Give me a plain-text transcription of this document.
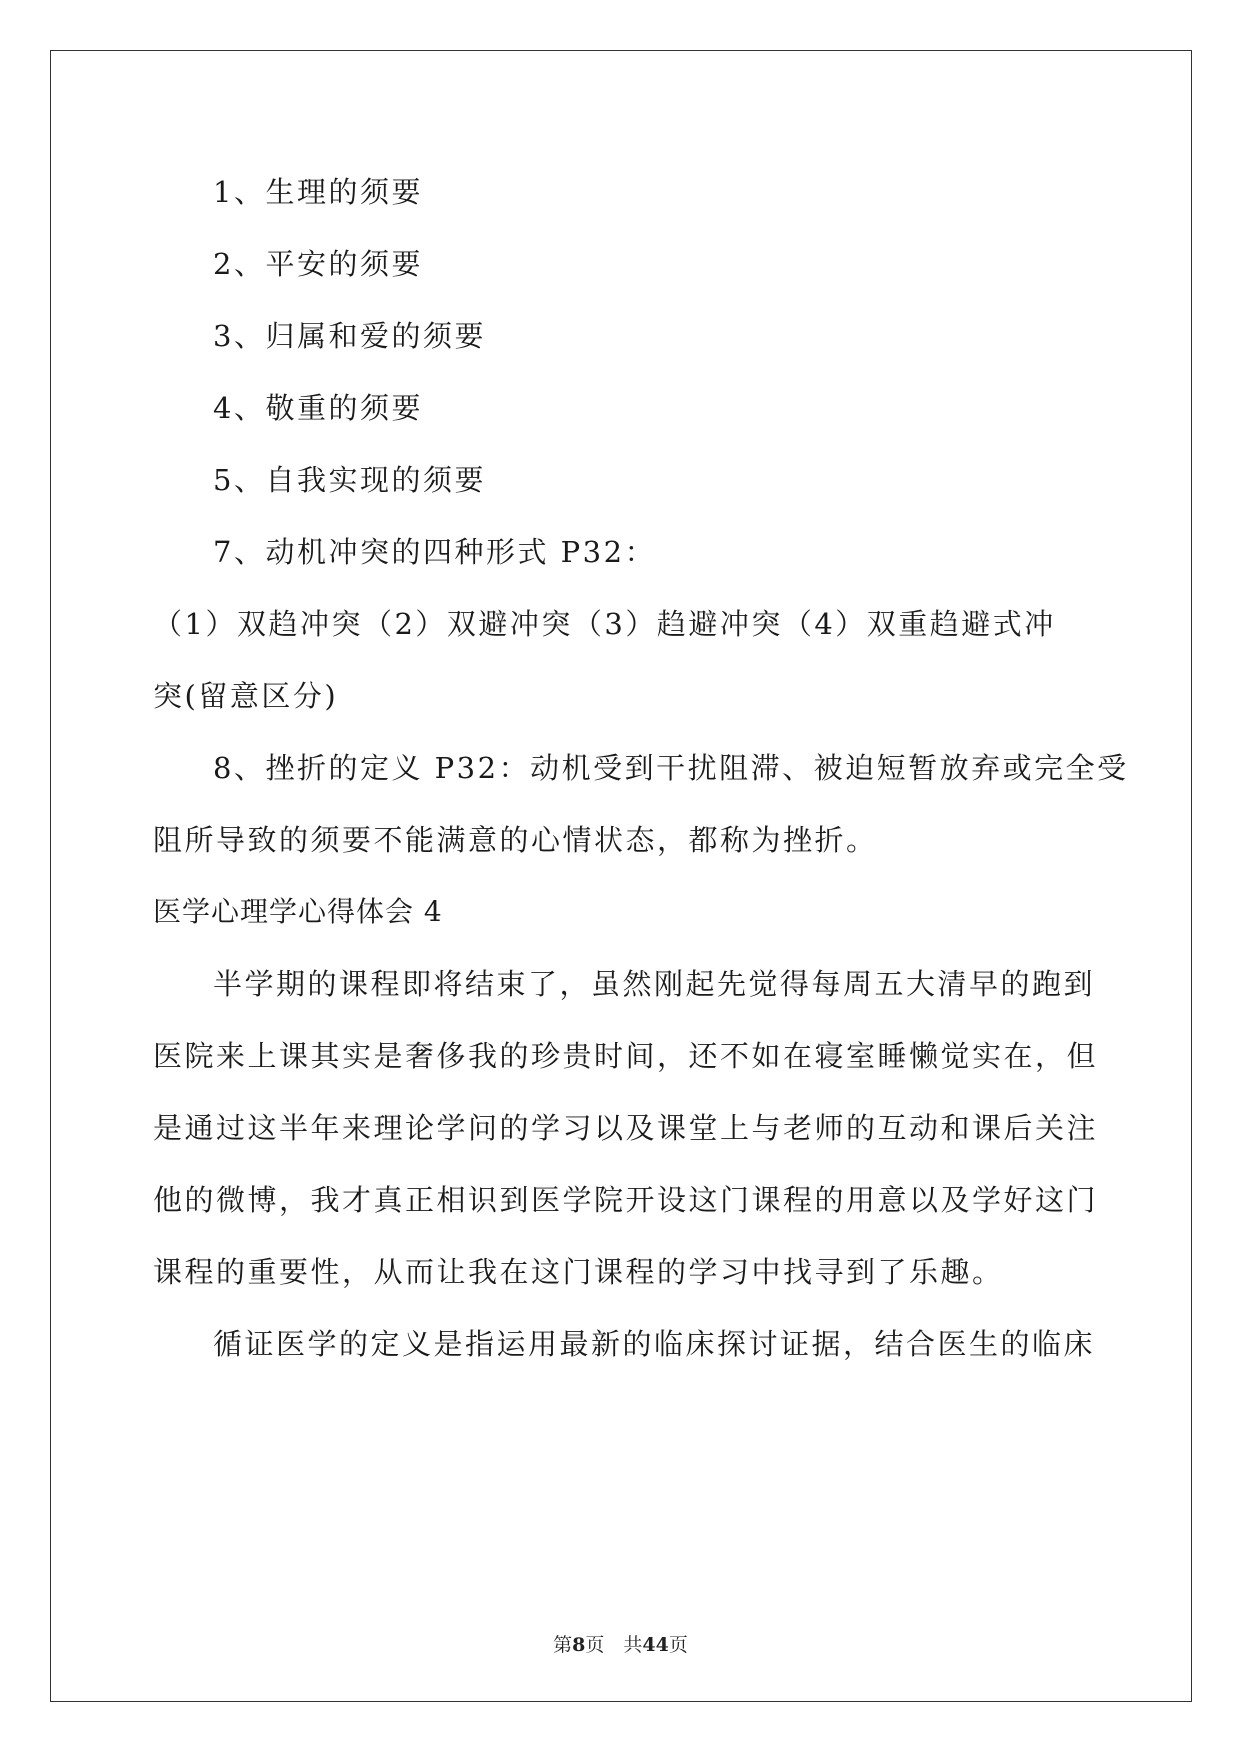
1、生理的须要
2、平安的须要
3、归属和爱的须要
4、敬重的须要
5、自我实现的须要
7、动机冲突的四种形式 P32：
（1）双趋冲突（2）双避冲突（3）趋避冲突（4）双重趋避式冲
突(留意区分)
8、挫折的定义 P32：动机受到干扰阻滞、被迫短暂放弃或完全受
阻所导致的须要不能满意的心情状态，都称为挫折。
医学心理学心得体会 4
半学期的课程即将结束了，虽然刚起先觉得每周五大清早的跑到
医院来上课其实是奢侈我的珍贵时间，还不如在寝室睡懒觉实在，但
是通过这半年来理论学问的学习以及课堂上与老师的互动和课后关注
他的微博，我才真正相识到医学院开设这门课程的用意以及学好这门
课程的重要性，从而让我在这门课程的学习中找寻到了乐趣。
循证医学的定义是指运用最新的临床探讨证据，结合医生的临床
第8页　共44页
